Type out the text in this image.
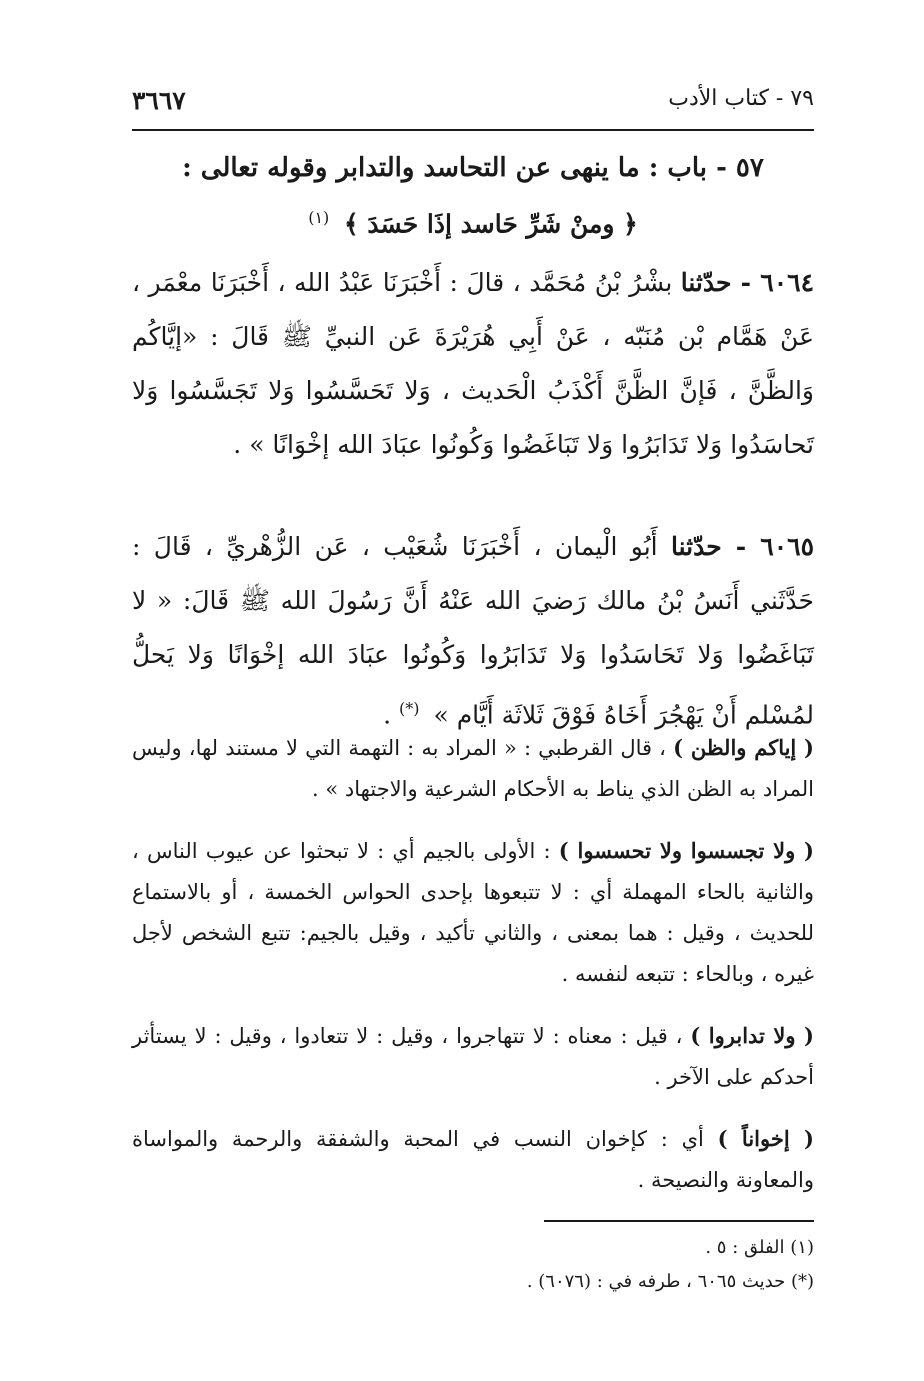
٣٦٦٧	٧٩ - كتاب الأدب
٥٧ - باب : ما ينهى عن التحاسد والتدابر وقوله تعالى :
﴿ ومنْ شَرِّ حَاسد إذَا حَسَدَ ﴾ $^{(١)}$
٦٠٦٤ - حدّثنا بشْرُ بْنُ مُحَمَّد ، قالَ : أَخْبَرَنَا عَبْدُ الله ، أَخْبَرَنَا معْمَر ، عَنْ هَمَّام بْن مُنَبّه ، عَنْ أَبِي هُرَيْرَةَ عَن النبيِّ ﷺ قَالَ : «إيَّاكُم وَالظَّنَّ ، فَإنَّ الظَّنَّ أَكْذَبُ الْحَديث ، وَلا تَحَسَّسُوا وَلا تَجَسَّسُوا وَلا تَحاسَدُوا وَلا تَدَابَرُوا وَلا تَبَاغَضُوا وَكُونُوا عبَادَ الله إخْوَانًا » .
٦٠٦٥ - حدّثنا أَبُو الْيمان ، أَخْبَرَنَا شُعَيْب ، عَن الزُّهْريِّ ، قَالَ : حَدَّثَني أَنَسُ بْنُ مالك رَضيَ الله عَنْهُ أَنَّ رَسُولَ الله ﷺ قَالَ: « لا تَبَاغَضُوا وَلا تَحَاسَدُوا وَلا تَدَابَرُوا وَكُونُوا عبَادَ الله إخْوَانًا وَلا يَحلُّ لمُسْلم أَنْ يَهْجُرَ أَخَاهُ فَوْقَ ثَلاثَة أَيَّام » (*) .
( إياكم والظن ) ، قال القرطبي : « المراد به : التهمة التي لا مستند لها، وليس المراد به الظن الذي يناط به الأحكام الشرعية والاجتهاد » .
( ولا تجسسوا ولا تحسسوا ) : الأولى بالجيم أي : لا تبحثوا عن عيوب الناس ، والثانية بالحاء المهملة أي : لا تتبعوها بإحدى الحواس الخمسة ، أو بالاستماع للحديث ، وقيل : هما بمعنى ، والثاني تأكيد ، وقيل بالجيم: تتبع الشخص لأجل غيره ، وبالحاء : تتبعه لنفسه .
( ولا تدابروا ) ، قيل : معناه : لا تتهاجروا ، وقيل : لا تتعادوا ، وقيل : لا يستأثر أحدكم على الآخر .
( إخواناً ) أي : كإخوان النسب في المحبة والشفقة والرحمة والمواساة والمعاونة والنصيحة .
(١) الفلق : ٥ .
(*) حديث ٦٠٦٥ ، طرفه في : (٦٠٧٦) .
